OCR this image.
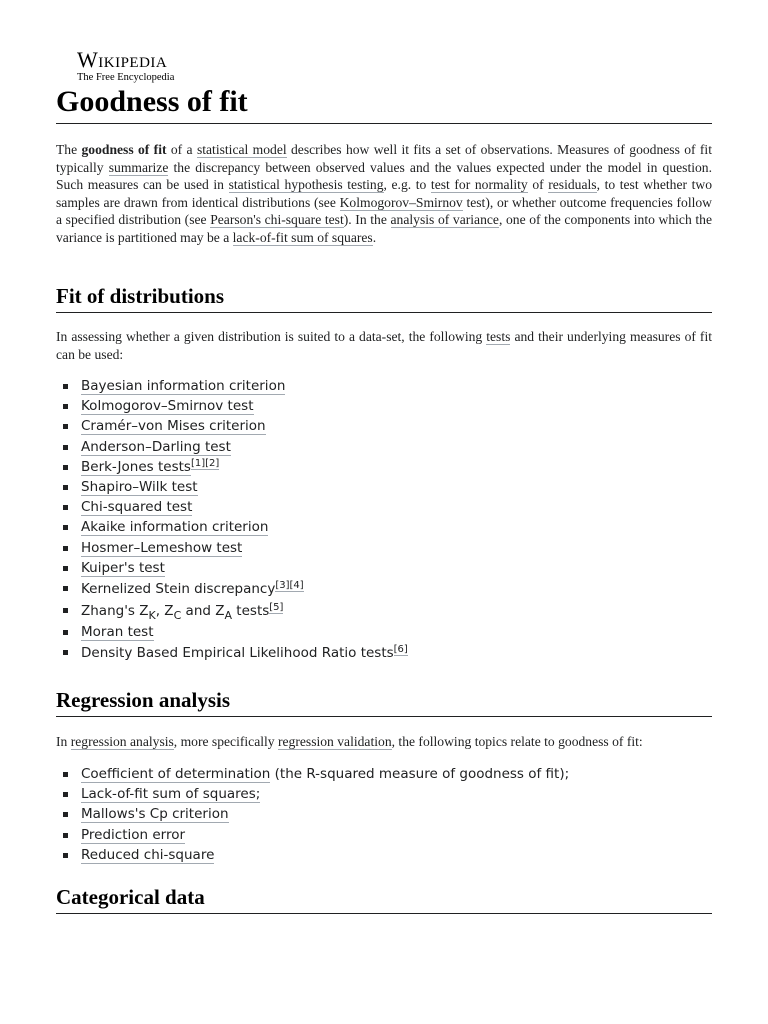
Wikipedia
The Free Encyclopedia
Goodness of fit

The goodness of fit of a statistical model describes how well it fits a set of observations. Measures of goodness of fit typically summarize the discrepancy between observed values and the values expected under the model in question. Such measures can be used in statistical hypothesis testing, e.g. to test for normality of residuals, to test whether two samples are drawn from identical distributions (see Kolmogorov–Smirnov test), or whether outcome frequencies follow a specified distribution (see Pearson's chi-square test). In the analysis of variance, one of the components into which the variance is partitioned may be a lack-of-fit sum of squares.

Fit of distributions

In assessing whether a given distribution is suited to a data-set, the following tests and their underlying measures of fit can be used:

Bayesian information criterion
Kolmogorov–Smirnov test
Cramér–von Mises criterion
Anderson–Darling test
Berk-Jones tests[1][2]
Shapiro–Wilk test
Chi-squared test
Akaike information criterion
Hosmer–Lemeshow test
Kuiper's test
Kernelized Stein discrepancy[3][4]
Zhang's $Z_K$, $Z_C$ and $Z_A$ tests[5]
Moran test
Density Based Empirical Likelihood Ratio tests[6]
Regression analysis

In regression analysis, more specifically regression validation, the following topics relate to goodness of fit:

Coefficient of determination (the R-squared measure of goodness of fit);
Lack-of-fit sum of squares;
Mallows's Cp criterion
Prediction error
Reduced chi-square
Categorical data
